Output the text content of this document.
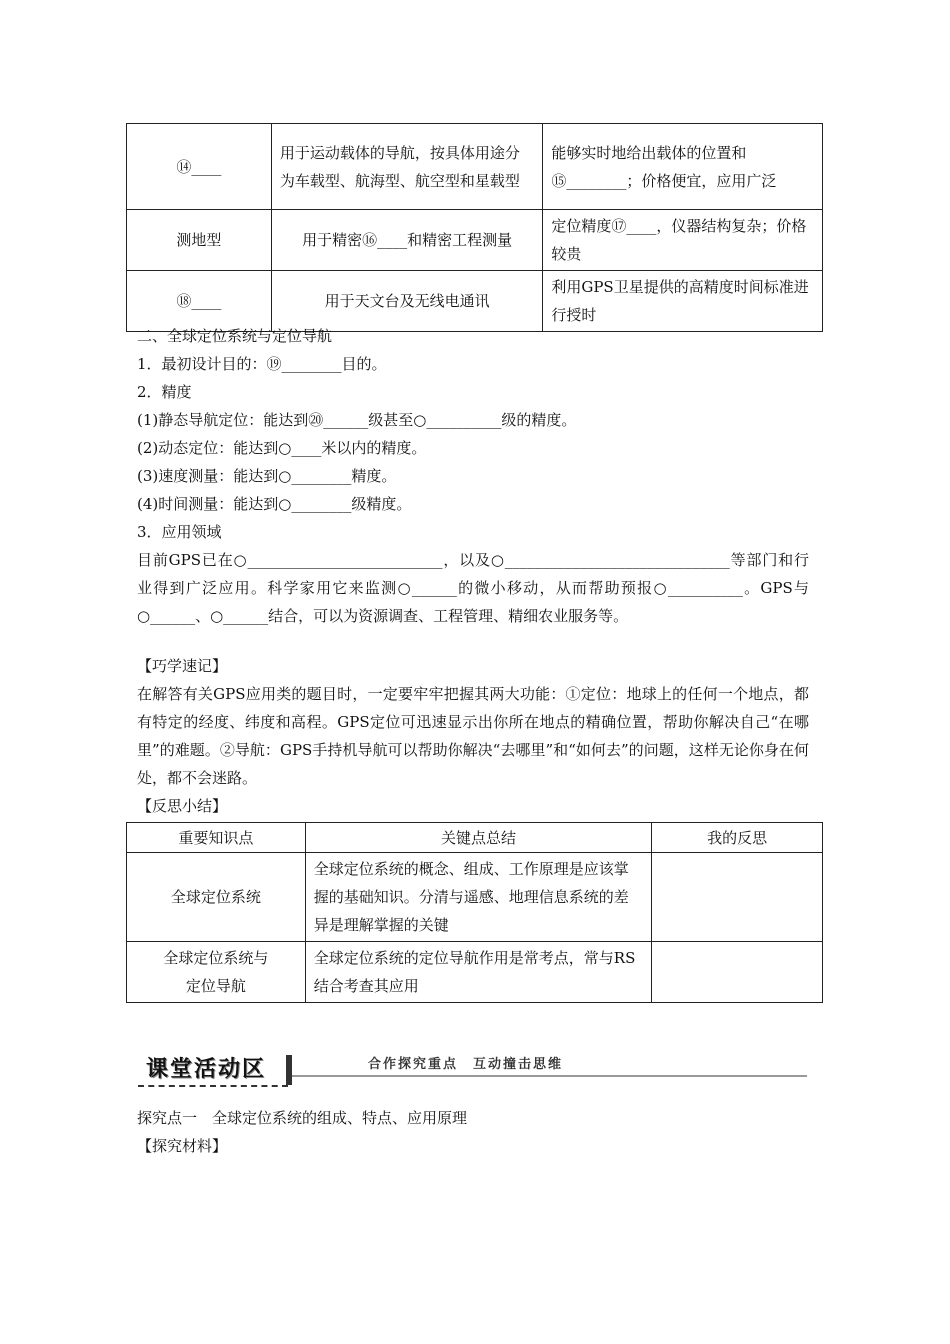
⑭____	用于运动载体的导航，按具体用途分为车载型、航海型、航空型和星载型	能够实时地给出载体的位置和⑮________；价格便宜，应用广泛
测地型	用于精密⑯____和精密工程测量	定位精度⑰____，仪器结构复杂；价格较贵
⑱____	用于天文台及无线电通讯	利用GPS卫星提供的高精度时间标准进行授时
二、全球定位系统与定位导航
1．最初设计目的：⑲________目的。
2．精度
(1)静态导航定位：能达到⑳______级甚至○__________级的精度。
(2)动态定位：能达到○____米以内的精度。
(3)速度测量：能达到○________精度。
(4)时间测量：能达到○________级精度。
3．应用领域
目前GPS已在○__________________________，以及○______________________________等部门和行业得到广泛应用。科学家用它来监测○______的微小移动，从而帮助预报○__________。GPS与○______、○______结合，可以为资源调查、工程管理、精细农业服务等。
【巧学速记】
在解答有关GPS应用类的题目时，一定要牢牢把握其两大功能：①定位：地球上的任何一个地点，都有特定的经度、纬度和高程。GPS定位可迅速显示出你所在地点的精确位置，帮助你解决自己“在哪里”的难题。②导航：GPS手持机导航可以帮助你解决“去哪里”和“如何去”的问题，这样无论你身在何处，都不会迷路。
【反思小结】
重要知识点	关键点总结	我的反思
全球定位系统	全球定位系统的概念、组成、工作原理是应该掌握的基础知识。分清与遥感、地理信息系统的差异是理解掌握的关键	
全球定位系统与定位导航	全球定位系统的定位导航作用是常考点，常与RS结合考查其应用	
课堂活动区	合作探究重点　互动撞击思维
探究点一　全球定位系统的组成、特点、应用原理
【探究材料】
